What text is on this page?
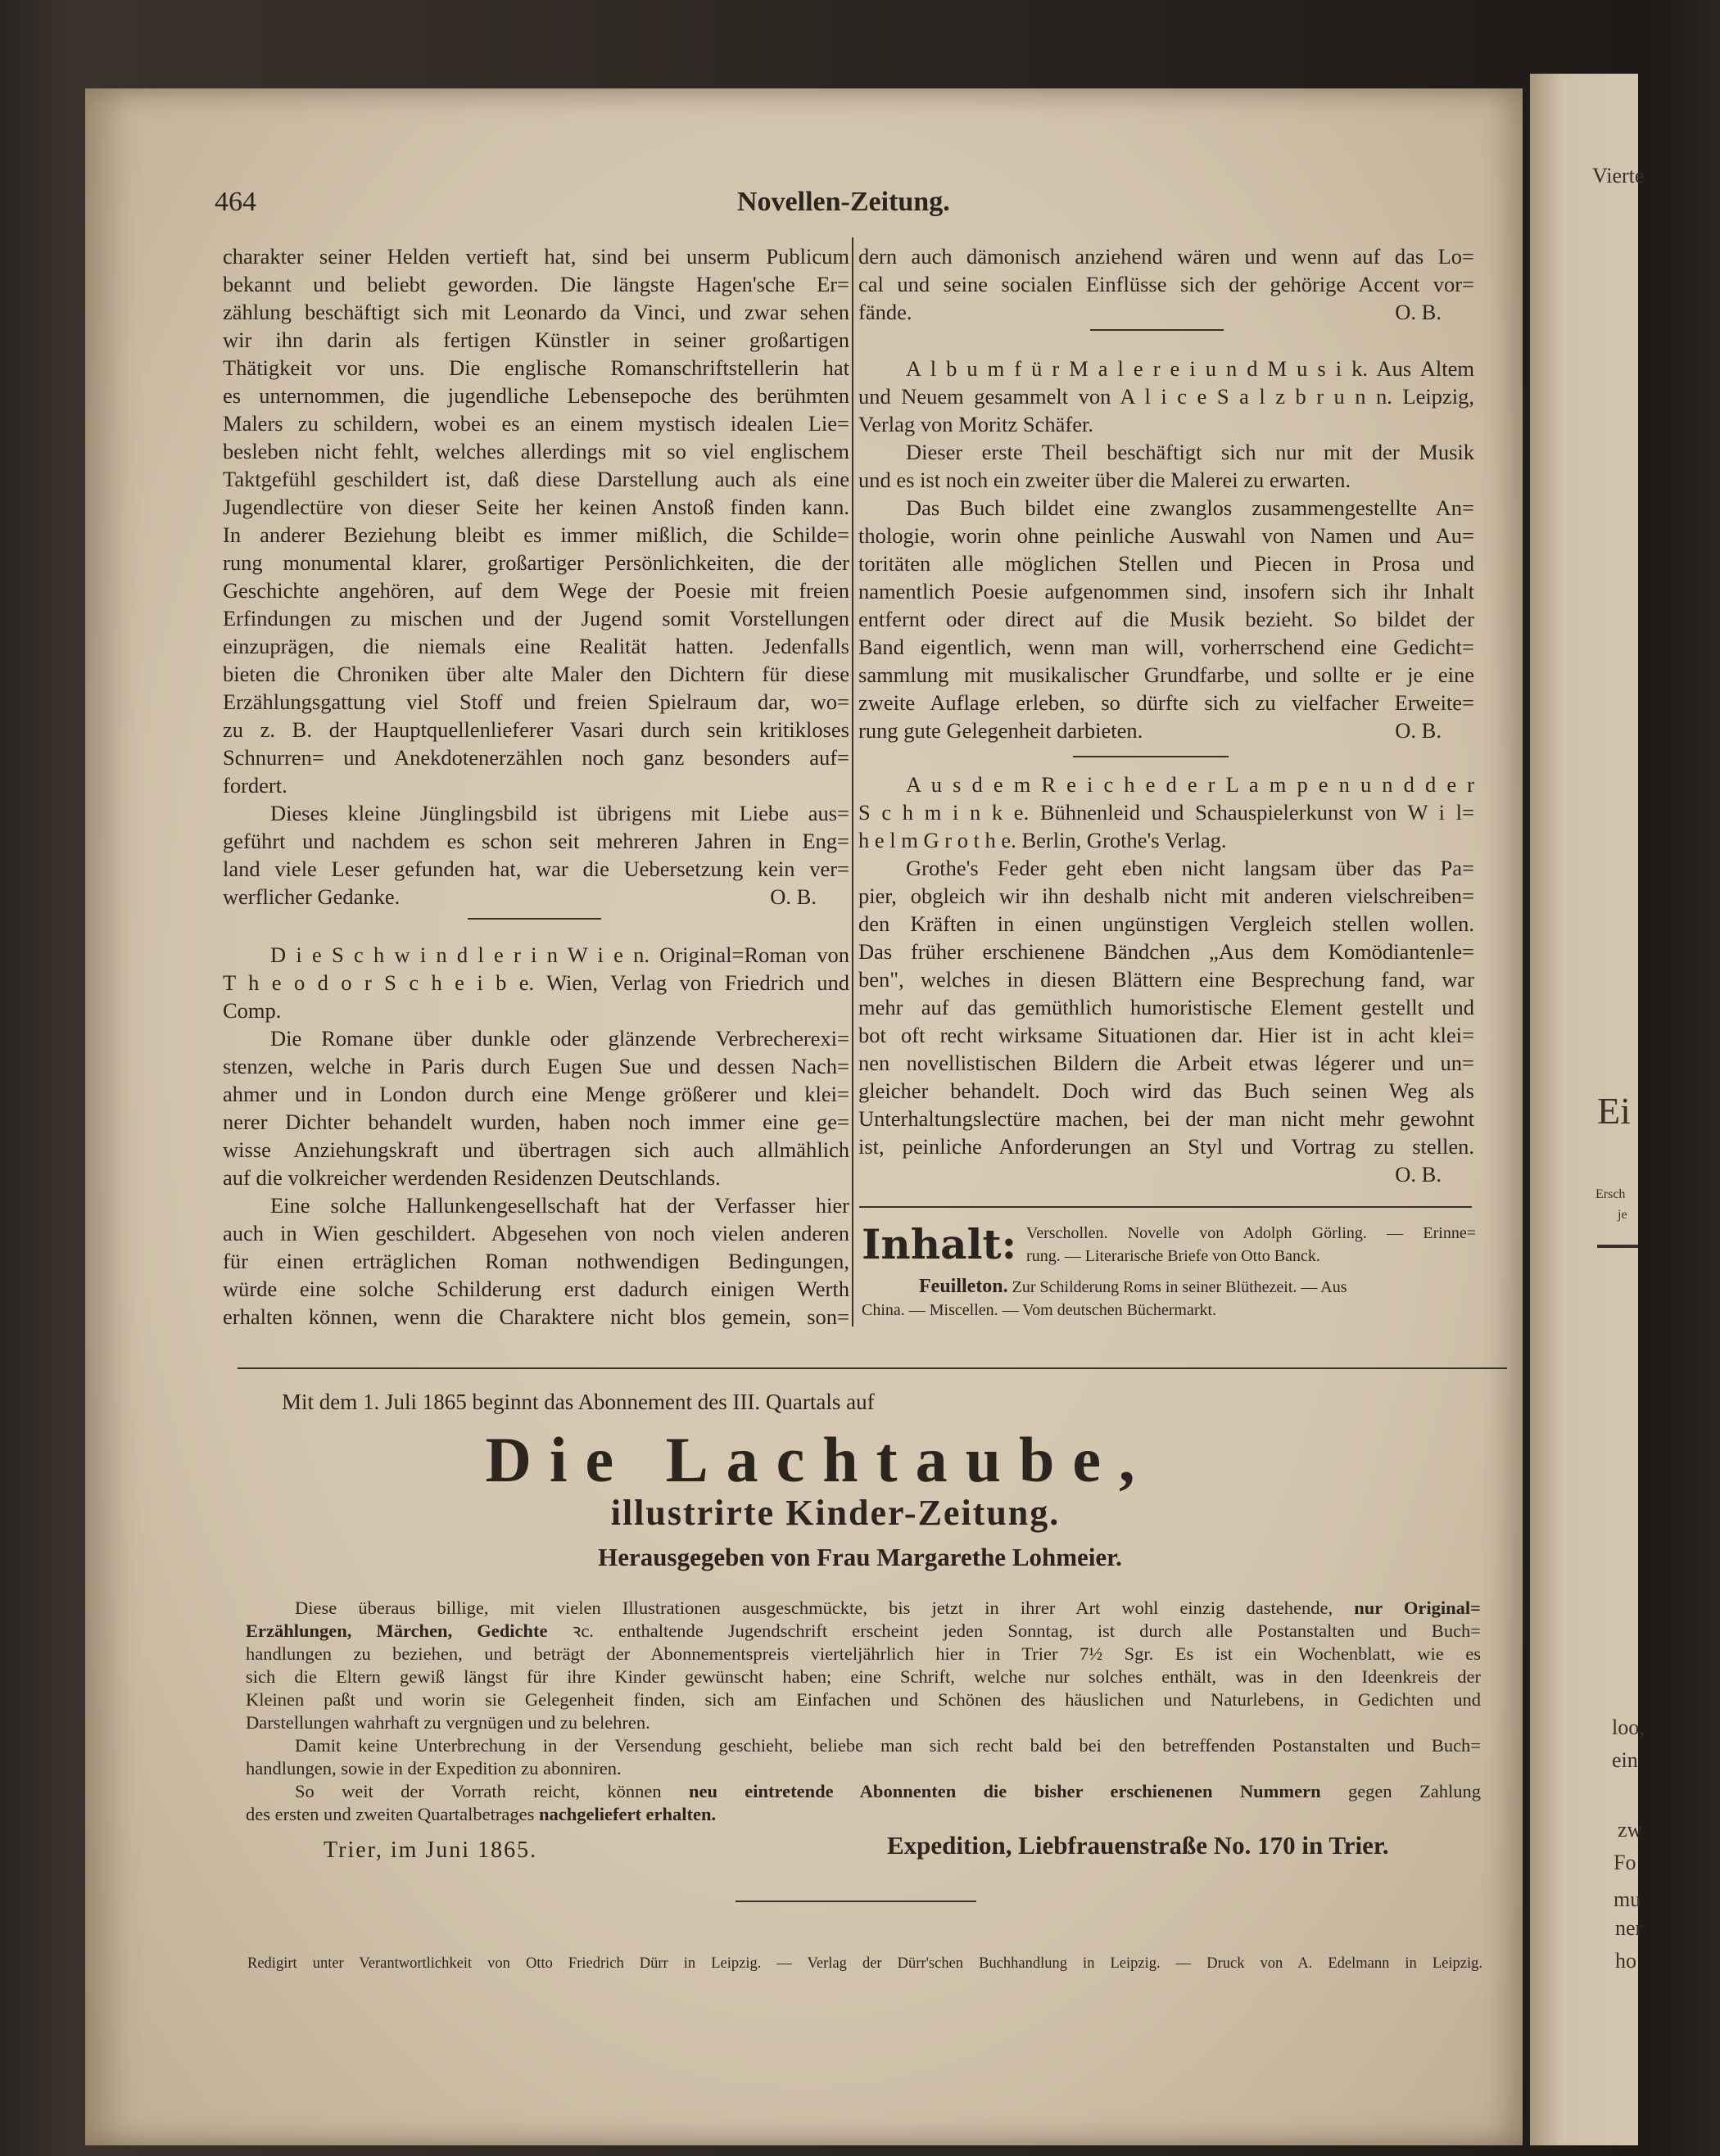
Vierte
Ei
Ersch
je
loo,
ein
zw
Fo
mu
ner
ho
464	Novellen-Zeitung.
charakter seiner Helden vertieft hat, sind bei unserm Publicum
bekannt und beliebt geworden. Die längste Hagen'sche Er=
zählung beschäftigt sich mit Leonardo da Vinci, und zwar sehen
wir ihn darin als fertigen Künstler in seiner großartigen
Thätigkeit vor uns. Die englische Romanschriftstellerin hat
es unternommen, die jugendliche Lebensepoche des berühmten
Malers zu schildern, wobei es an einem mystisch idealen Lie=
besleben nicht fehlt, welches allerdings mit so viel englischem
Taktgefühl geschildert ist, daß diese Darstellung auch als eine
Jugendlectüre von dieser Seite her keinen Anstoß finden kann.
In anderer Beziehung bleibt es immer mißlich, die Schilde=
rung monumental klarer, großartiger Persönlichkeiten, die der
Geschichte angehören, auf dem Wege der Poesie mit freien
Erfindungen zu mischen und der Jugend somit Vorstellungen
einzuprägen, die niemals eine Realität hatten. Jedenfalls
bieten die Chroniken über alte Maler den Dichtern für diese
Erzählungsgattung viel Stoff und freien Spielraum dar, wo=
zu z. B. der Hauptquellenlieferer Vasari durch sein kritikloses
Schnurren= und Anekdotenerzählen noch ganz besonders auf=
fordert.
Dieses kleine Jünglingsbild ist übrigens mit Liebe aus=
geführt und nachdem es schon seit mehreren Jahren in Eng=
land viele Leser gefunden hat, war die Uebersetzung kein ver=
werflicher Gedanke.	O. B.
D i e S c h w i n d l e r i n W i e n. Original=Roman von
T h e o d o r S c h e i b e. Wien, Verlag von Friedrich und
Comp.
Die Romane über dunkle oder glänzende Verbrecherexi=
stenzen, welche in Paris durch Eugen Sue und dessen Nach=
ahmer und in London durch eine Menge größerer und klei=
nerer Dichter behandelt wurden, haben noch immer eine ge=
wisse Anziehungskraft und übertragen sich auch allmählich
auf die volkreicher werdenden Residenzen Deutschlands.
Eine solche Hallunkengesellschaft hat der Verfasser hier
auch in Wien geschildert. Abgesehen von noch vielen anderen
für einen erträglichen Roman nothwendigen Bedingungen,
würde eine solche Schilderung erst dadurch einigen Werth
erhalten können, wenn die Charaktere nicht blos gemein, son=
dern auch dämonisch anziehend wären und wenn auf das Lo=
cal und seine socialen Einflüsse sich der gehörige Accent vor=
fände.	O. B.
A l b u m f ü r M a l e r e i u n d M u s i k. Aus Altem
und Neuem gesammelt von A l i c e S a l z b r u n n. Leipzig,
Verlag von Moritz Schäfer.
Dieser erste Theil beschäftigt sich nur mit der Musik
und es ist noch ein zweiter über die Malerei zu erwarten.
Das Buch bildet eine zwanglos zusammengestellte An=
thologie, worin ohne peinliche Auswahl von Namen und Au=
toritäten alle möglichen Stellen und Piecen in Prosa und
namentlich Poesie aufgenommen sind, insofern sich ihr Inhalt
entfernt oder direct auf die Musik bezieht. So bildet der
Band eigentlich, wenn man will, vorherrschend eine Gedicht=
sammlung mit musikalischer Grundfarbe, und sollte er je eine
zweite Auflage erleben, so dürfte sich zu vielfacher Erweite=
rung gute Gelegenheit darbieten.	O. B.
A u s d e m R e i c h e d e r L a m p e n u n d d e r
S c h m i n k e. Bühnenleid und Schauspielerkunst von W i l=
h e l m G r o t h e. Berlin, Grothe's Verlag.
Grothe's Feder geht eben nicht langsam über das Pa=
pier, obgleich wir ihn deshalb nicht mit anderen vielschreiben=
den Kräften in einen ungünstigen Vergleich stellen wollen.
Das früher erschienene Bändchen „Aus dem Komödiantenle=
ben", welches in diesen Blättern eine Besprechung fand, war
mehr auf das gemüthlich humoristische Element gestellt und
bot oft recht wirksame Situationen dar. Hier ist in acht klei=
nen novellistischen Bildern die Arbeit etwas légerer und un=
gleicher behandelt. Doch wird das Buch seinen Weg als
Unterhaltungslectüre machen, bei der man nicht mehr gewohnt
ist, peinliche Anforderungen an Styl und Vortrag zu stellen.
O. B.
Inhalt: Verschollen. Novelle von Adolph Görling. — Erinne=
rung. — Literarische Briefe von Otto Banck.
Feuilleton. Zur Schilderung Roms in seiner Blüthezeit. — Aus
China. — Miscellen. — Vom deutschen Büchermarkt.
Mit dem 1. Juli 1865 beginnt das Abonnement des III. Quartals auf
Die Lachtaube,
illustrirte Kinder-Zeitung.
Herausgegeben von Frau Margarethe Lohmeier.
Diese überaus billige, mit vielen Illustrationen ausgeschmückte, bis jetzt in ihrer Art wohl einzig dastehende, nur Original=
Erzählungen, Märchen, Gedichte ꝛc. enthaltende Jugendschrift erscheint jeden Sonntag, ist durch alle Postanstalten und Buch=
handlungen zu beziehen, und beträgt der Abonnementspreis vierteljährlich hier in Trier 7½ Sgr. Es ist ein Wochenblatt, wie es
sich die Eltern gewiß längst für ihre Kinder gewünscht haben; eine Schrift, welche nur solches enthält, was in den Ideenkreis der
Kleinen paßt und worin sie Gelegenheit finden, sich am Einfachen und Schönen des häuslichen und Naturlebens, in Gedichten und
Darstellungen wahrhaft zu vergnügen und zu belehren.
Damit keine Unterbrechung in der Versendung geschieht, beliebe man sich recht bald bei den betreffenden Postanstalten und Buch=
handlungen, sowie in der Expedition zu abonniren.
So weit der Vorrath reicht, können neu eintretende Abonnenten die bisher erschienenen Nummern gegen Zahlung
des ersten und zweiten Quartalbetrages nachgeliefert erhalten.
Trier, im Juni 1865.	Expedition, Liebfrauenstraße No. 170 in Trier.
Redigirt unter Verantwortlichkeit von Otto Friedrich Dürr in Leipzig. — Verlag der Dürr'schen Buchhandlung in Leipzig. — Druck von A. Edelmann in Leipzig.
